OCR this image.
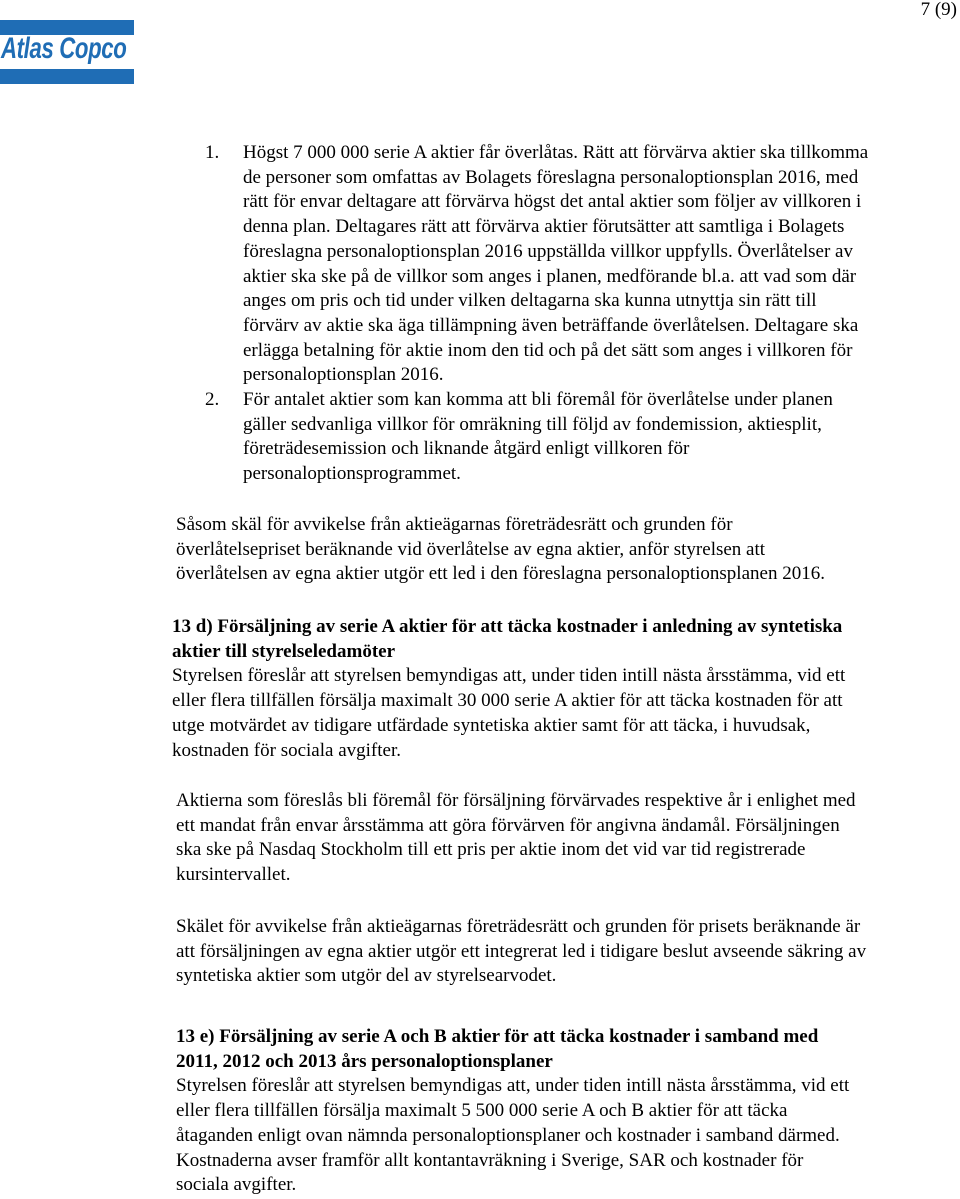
7 (9)
Atlas Copco
1. Högst 7 000 000 serie A aktier får överlåtas. Rätt att förvärva aktier ska tillkomma
de personer som omfattas av Bolagets föreslagna personaloptionsplan 2016, med
rätt för envar deltagare att förvärva högst det antal aktier som följer av villkoren i
denna plan. Deltagares rätt att förvärva aktier förutsätter att samtliga i Bolagets
föreslagna personaloptionsplan 2016 uppställda villkor uppfylls. Överlåtelser av
aktier ska ske på de villkor som anges i planen, medförande bl.a. att vad som där
anges om pris och tid under vilken deltagarna ska kunna utnyttja sin rätt till
förvärv av aktie ska äga tillämpning även beträffande överlåtelsen. Deltagare ska
erlägga betalning för aktie inom den tid och på det sätt som anges i villkoren för
personaloptionsplan 2016.
2. För antalet aktier som kan komma att bli föremål för överlåtelse under planen
gäller sedvanliga villkor för omräkning till följd av fondemission, aktiesplit,
företrädesemission och liknande åtgärd enligt villkoren för
personaloptionsprogrammet.
Såsom skäl för avvikelse från aktieägarnas företrädesrätt och grunden för
överlåtelsepriset beräknande vid överlåtelse av egna aktier, anför styrelsen att
överlåtelsen av egna aktier utgör ett led i den föreslagna personaloptionsplanen 2016.
13 d) Försäljning av serie A aktier för att täcka kostnader i anledning av syntetiska
aktier till styrelseledamöter
Styrelsen föreslår att styrelsen bemyndigas att, under tiden intill nästa årsstämma, vid ett
eller flera tillfällen försälja maximalt 30 000 serie A aktier för att täcka kostnaden för att
utge motvärdet av tidigare utfärdade syntetiska aktier samt för att täcka, i huvudsak,
kostnaden för sociala avgifter.
Aktierna som föreslås bli föremål för försäljning förvärvades respektive år i enlighet med
ett mandat från envar årsstämma att göra förvärven för angivna ändamål. Försäljningen
ska ske på Nasdaq Stockholm till ett pris per aktie inom det vid var tid registrerade
kursintervallet.
Skälet för avvikelse från aktieägarnas företrädesrätt och grunden för prisets beräknande är
att försäljningen av egna aktier utgör ett integrerat led i tidigare beslut avseende säkring av
syntetiska aktier som utgör del av styrelsearvodet.
13 e) Försäljning av serie A och B aktier för att täcka kostnader i samband med
2011, 2012 och 2013 års personaloptionsplaner
Styrelsen föreslår att styrelsen bemyndigas att, under tiden intill nästa årsstämma, vid ett
eller flera tillfällen försälja maximalt 5 500 000 serie A och B aktier för att täcka
åtaganden enligt ovan nämnda personaloptionsplaner och kostnader i samband därmed.
Kostnaderna avser framför allt kontantavräkning i Sverige, SAR och kostnader för
sociala avgifter.
